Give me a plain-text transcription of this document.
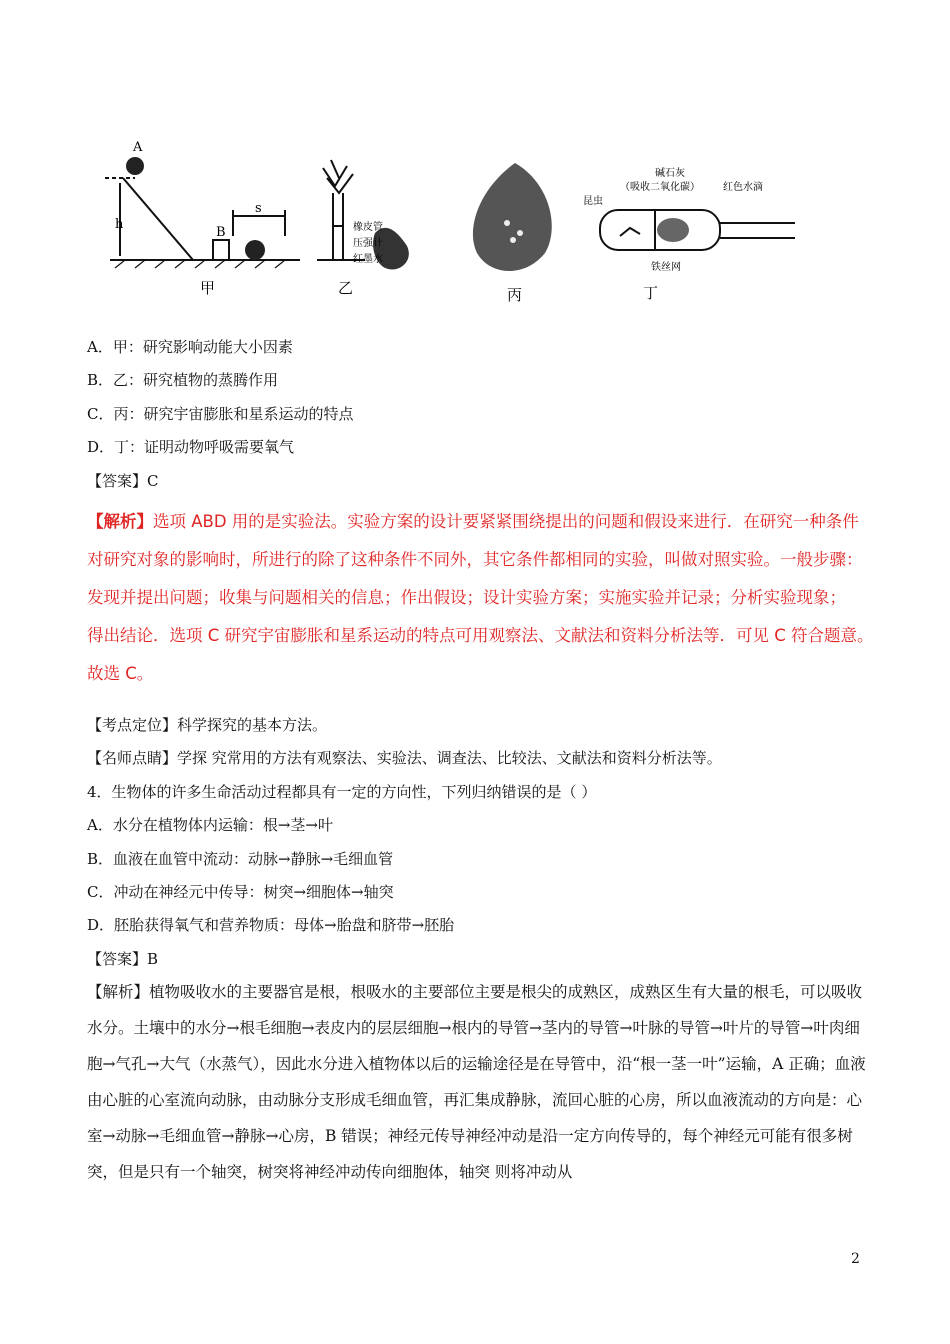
A
h
B
s
甲
橡皮管
压强计
红墨水
乙	丙
昆虫
碱石灰
（吸收二氧化碳） 红色水滴
铁丝网
丁
A．甲：研究影响动能大小因素
B．乙：研究植物的蒸腾作用
C．丙：研究宇宙膨胀和星系运动的特点
D．丁：证明动物呼吸需要氧气
【答案】C
【解析】选项 ABD 用的是实验法。实验方案的设计要紧紧围绕提出的问题和假设来进行．在研究一种条件
对研究对象的影响时，所进行的除了这种条件不同外，其它条件都相同的实验，叫做对照实验。一般步骤：
发现并提出问题；收集与问题相关的信息；作出假设；设计实验方案；实施实验并记录；分析实验现象；
得出结论．选项 C 研究宇宙膨胀和星系运动的特点可用观察法、文献法和资料分析法等．可见 C 符合题意。
故选 C。
【考点定位】科学探究的基本方法。
【名师点睛】学探 究常用的方法有观察法、实验法、调查法、比较法、文献法和资料分析法等。
4．生物体的许多生命活动过程都具有一定的方向性，下列归纳错误的是（ ）
A．水分在植物体内运输：根→茎→叶
B．血液在血管中流动：动脉→静脉→毛细血管
C．冲动在神经元中传导：树突→细胞体→轴突
D．胚胎获得氧气和营养物质：母体→胎盘和脐带→胚胎
【答案】B
【解析】植物吸收水的主要器官是根，根吸水的主要部位主要是根尖的成熟区，成熟区生有大量的根毛，可以吸收水分。土壤中的水分→根毛细胞→表皮内的层层细胞→根内的导管→茎内的导管→叶脉的导管→叶片的导管→叶肉细胞→气孔→大气（水蒸气），因此水分进入植物体以后的运输途径是在导管中，沿“根一茎一叶”运输，A 正确；血液由心脏的心室流向动脉，由动脉分支形成毛细血管，再汇集成静脉，流回心脏的心房，所以血液流动的方向是：心室→动脉→毛细血管→静脉→心房，B 错误；神经元传导神经冲动是沿一定方向传导的，每个神经元可能有很多树突，但是只有一个轴突，树突将神经冲动传向细胞体，轴突 则将冲动从
2
